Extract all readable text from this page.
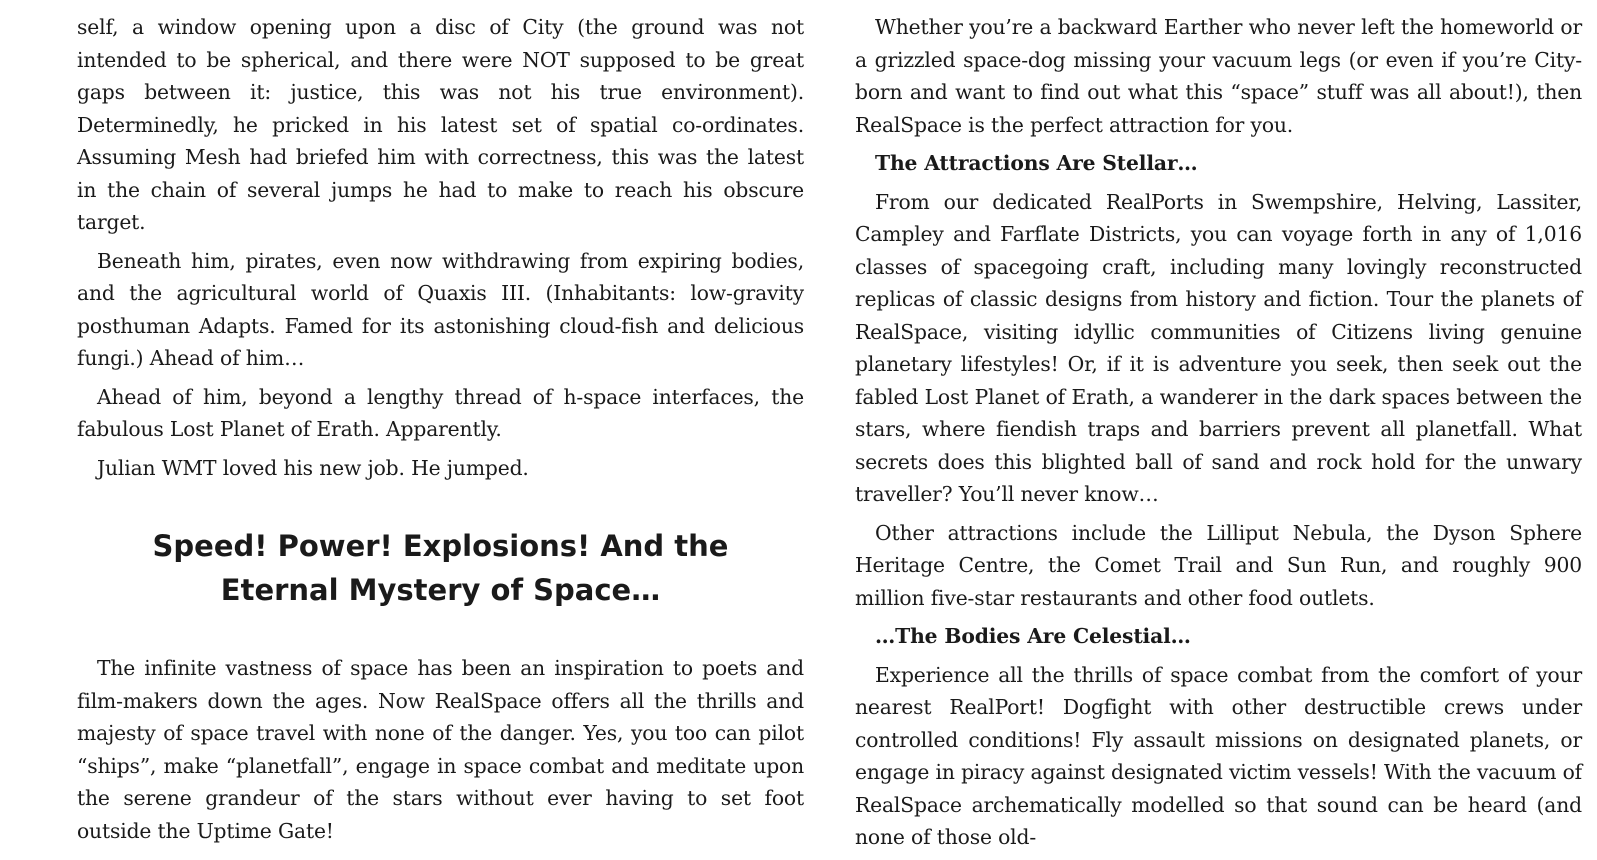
self, a window opening upon a disc of City (the ground was not intended to be spherical, and there were NOT supposed to be great gaps between it: justice, this was not his true environment). Determinedly, he pricked in his latest set of spatial co-ordinates. Assuming Mesh had briefed him with correctness, this was the latest in the chain of several jumps he had to make to reach his obscure target.

Beneath him, pirates, even now withdrawing from expiring bodies, and the agricultural world of Quaxis III. (Inhabitants: low-gravity posthuman Adapts. Famed for its astonishing cloud-fish and delicious fungi.) Ahead of him…

Ahead of him, beyond a lengthy thread of h-space interfaces, the fabulous Lost Planet of Erath. Apparently.

Julian WMT loved his new job. He jumped.

Speed! Power! Explosions! And the
Eternal Mystery of Space…

The infinite vastness of space has been an inspiration to poets and film-makers down the ages. Now RealSpace offers all the thrills and majesty of space travel with none of the danger. Yes, you too can pilot “ships”, make “planetfall”, engage in space combat and meditate upon the serene grandeur of the stars without ever having to set foot outside the Uptime Gate!

Whether you’re a backward Earther who never left the homeworld or a grizzled space-dog missing your vacuum legs (or even if you’re City-born and want to find out what this “space” stuff was all about!), then RealSpace is the perfect attraction for you.

The Attractions Are Stellar…

From our dedicated RealPorts in Swempshire, Helving, Lassiter, Campley and Farflate Districts, you can voyage forth in any of 1,016 classes of spacegoing craft, including many lovingly reconstructed replicas of classic designs from history and fiction. Tour the planets of RealSpace, visiting idyllic communities of Citizens living genuine planetary lifestyles! Or, if it is adventure you seek, then seek out the fabled Lost Planet of Erath, a wanderer in the dark spaces between the stars, where fiendish traps and barriers prevent all planetfall. What secrets does this blighted ball of sand and rock hold for the unwary traveller? You’ll never know…

Other attractions include the Lilliput Nebula, the Dyson Sphere Heritage Centre, the Comet Trail and Sun Run, and roughly 900 million five-star restaurants and other food outlets.

…The Bodies Are Celestial…

Experience all the thrills of space combat from the comfort of your nearest RealPort! Dogfight with other destructible crews under controlled conditions! Fly assault missions on designated planets, or engage in piracy against designated victim vessels! With the vacuum of RealSpace archematically modelled so that sound can be heard (and none of those old-
